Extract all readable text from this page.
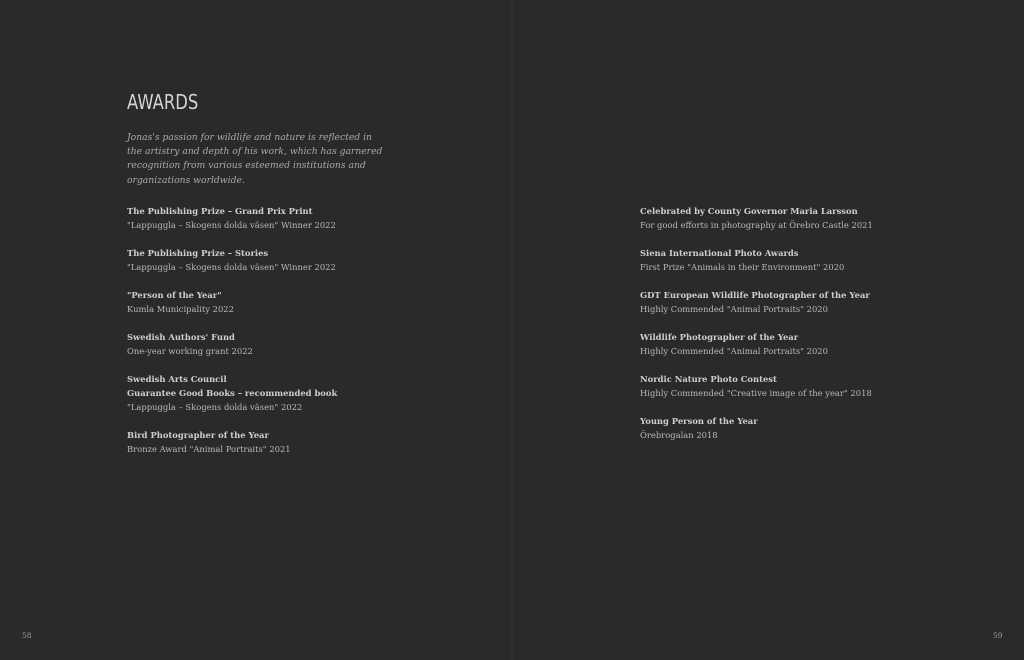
AWARDS

Jonas's passion for wildlife and nature is reflected in the artistry and depth of his work, which has garnered recognition from various esteemed institutions and organizations worldwide.

The Publishing Prize – Grand Prix Print
"Lappuggla – Skogens dolda väsen" Winner 2022
The Publishing Prize – Stories
"Lappuggla – Skogens dolda väsen" Winner 2022
"Person of the Year"
Kumla Municipality 2022
Swedish Authors' Fund
One-year working grant 2022
Swedish Arts Council
Guarantee Good Books – recommended book
"Lappuggla – Skogens dolda väsen" 2022
Bird Photographer of the Year
Bronze Award "Animal Portraits" 2021
58
Celebrated by County Governor Maria Larsson
For good efforts in photography at Örebro Castle 2021
Siena International Photo Awards
First Prize "Animals in their Environment" 2020
GDT European Wildlife Photographer of the Year
Highly Commended "Animal Portraits" 2020
Wildlife Photographer of the Year
Highly Commended "Animal Portraits" 2020
Nordic Nature Photo Contest
Highly Commended "Creative image of the year" 2018
Young Person of the Year
Örebrogalan 2018
59
